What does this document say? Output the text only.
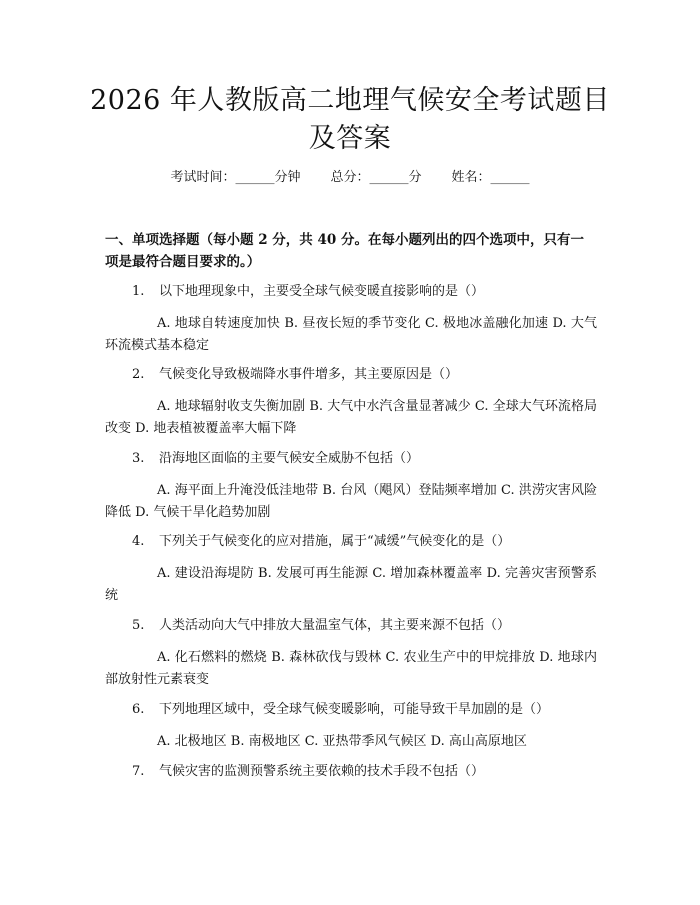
2026 年人教版高二地理气候安全考试题目及答案
考试时间：______分钟 总分：______分 姓名：______
一、单项选择题（每小题 2 分，共 40 分。在每小题列出的四个选项中，只有一项是最符合题目要求的。）
1. 以下地理现象中，主要受全球气候变暖直接影响的是（）
A. 地球自转速度加快 B. 昼夜长短的季节变化 C. 极地冰盖融化加速 D. 大气环流模式基本稳定
2. 气候变化导致极端降水事件增多，其主要原因是（）
A. 地球辐射收支失衡加剧 B. 大气中水汽含量显著减少 C. 全球大气环流格局改变 D. 地表植被覆盖率大幅下降
3. 沿海地区面临的主要气候安全威胁不包括（）
A. 海平面上升淹没低洼地带 B. 台风（飓风）登陆频率增加 C. 洪涝灾害风险降低 D. 气候干旱化趋势加剧
4. 下列关于气候变化的应对措施，属于“减缓”气候变化的是（）
A. 建设沿海堤防 B. 发展可再生能源 C. 增加森林覆盖率 D. 完善灾害预警系统
5. 人类活动向大气中排放大量温室气体，其主要来源不包括（）
A. 化石燃料的燃烧 B. 森林砍伐与毁林 C. 农业生产中的甲烷排放 D. 地球内部放射性元素衰变
6. 下列地理区域中，受全球气候变暖影响，可能导致干旱加剧的是（）
A. 北极地区 B. 南极地区 C. 亚热带季风气候区 D. 高山高原地区
7. 气候灾害的监测预警系统主要依赖的技术手段不包括（）
